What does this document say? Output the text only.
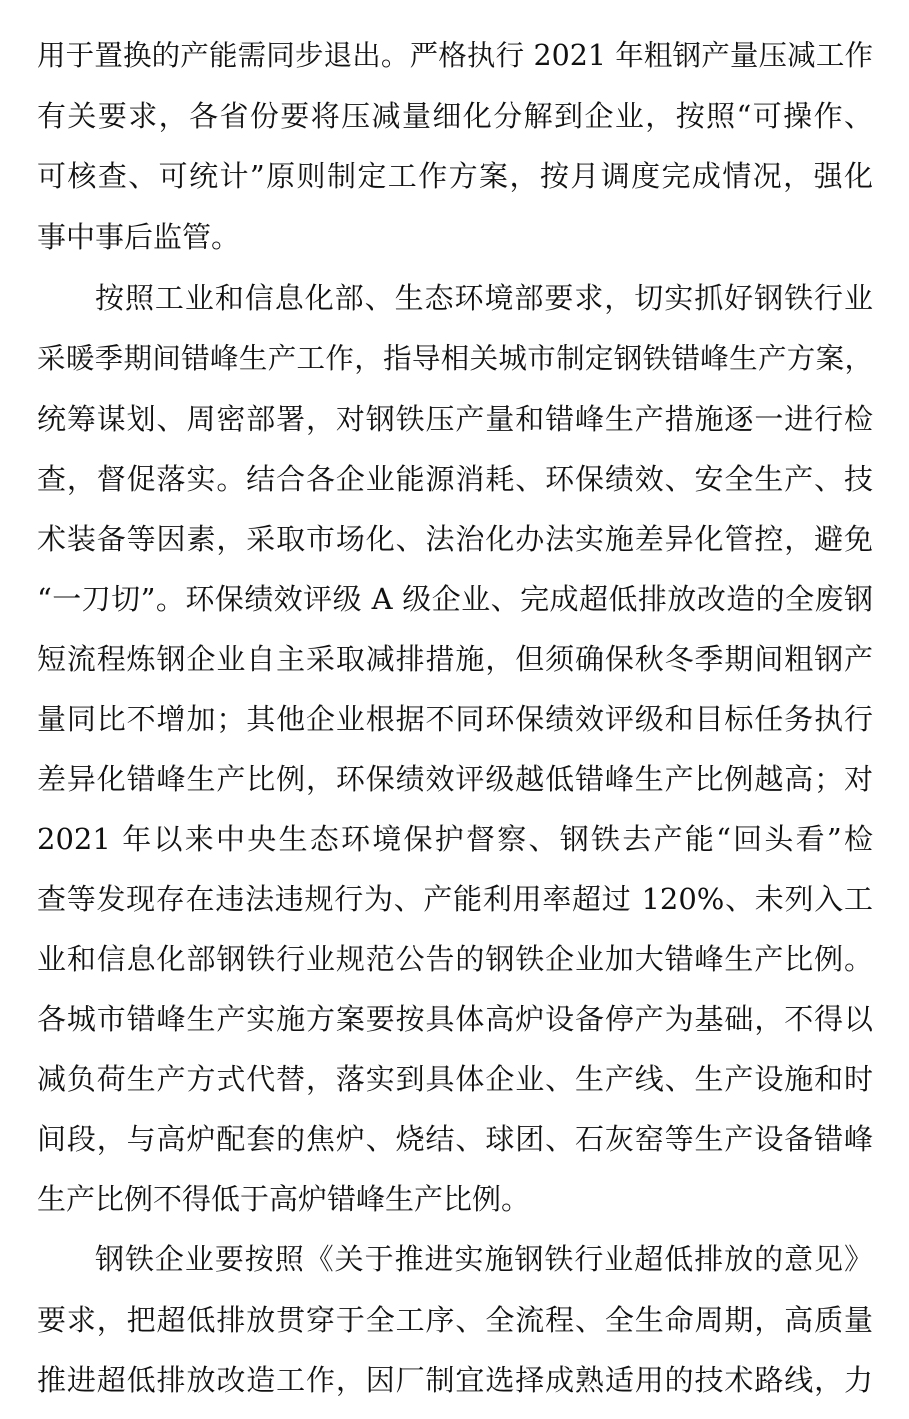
用于置换的产能需同步退出。严格执行 2021 年粗钢产量压减工作
有关要求，各省份要将压减量细化分解到企业，按照“可操作、
可核查、可统计”原则制定工作方案，按月调度完成情况，强化
事中事后监管。
按照工业和信息化部、生态环境部要求，切实抓好钢铁行业
采暖季期间错峰生产工作，指导相关城市制定钢铁错峰生产方案，
统筹谋划、周密部署，对钢铁压产量和错峰生产措施逐一进行检
查，督促落实。结合各企业能源消耗、环保绩效、安全生产、技
术装备等因素，采取市场化、法治化办法实施差异化管控，避免
“一刀切”。环保绩效评级 A 级企业、完成超低排放改造的全废钢
短流程炼钢企业自主采取减排措施，但须确保秋冬季期间粗钢产
量同比不增加；其他企业根据不同环保绩效评级和目标任务执行
差异化错峰生产比例，环保绩效评级越低错峰生产比例越高；对
2021 年以来中央生态环境保护督察、钢铁去产能“回头看”检
查等发现存在违法违规行为、产能利用率超过 120%、未列入工
业和信息化部钢铁行业规范公告的钢铁企业加大错峰生产比例。
各城市错峰生产实施方案要按具体高炉设备停产为基础，不得以
减负荷生产方式代替，落实到具体企业、生产线、生产设施和时
间段，与高炉配套的焦炉、烧结、球团、石灰窑等生产设备错峰
生产比例不得低于高炉错峰生产比例。
钢铁企业要按照《关于推进实施钢铁行业超低排放的意见》
要求，把超低排放贯穿于全工序、全流程、全生命周期，高质量
推进超低排放改造工作，因厂制宜选择成熟适用的技术路线，力
